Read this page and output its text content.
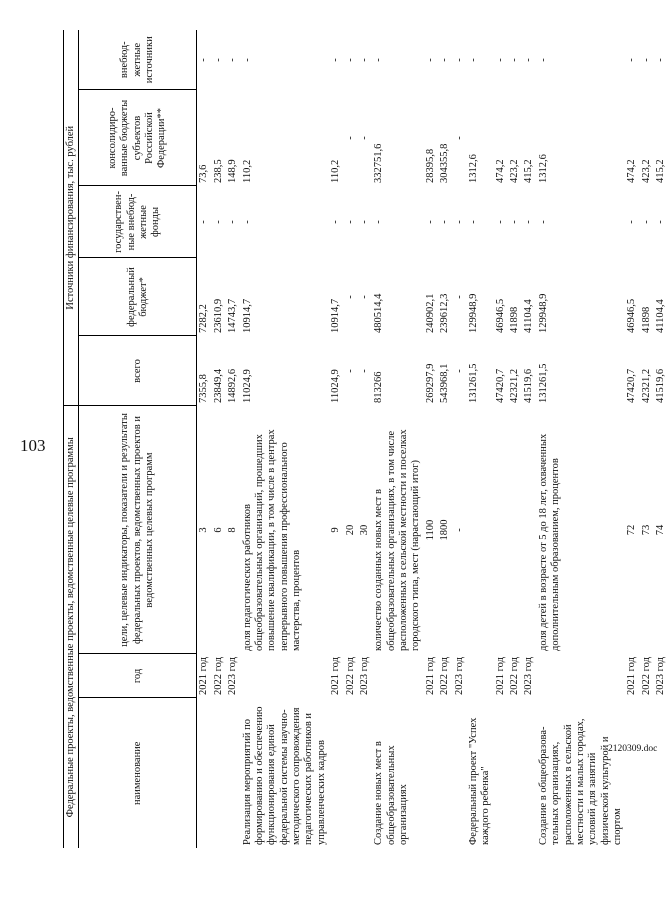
103
2120309.doc
Федеральные проекты, ведомственные проекты, ведомственные целевые программы			Источники финансирования, тыс. рублей				
наименование	год	цели, целевые индикаторы, показатели и результаты федеральных проектов, ведомственных проектов и ведомственных целевых программ	всего	федеральный бюджет*	государствен-ные внебюд-жетные фонды	консолидиро-ванные бюджеты субъектов Российской Федерации**	внебюд-жетные источники
	2021 год	3	7355,8	7282,2	-	73,6	-
	2022 год	6	23849,4	23610,9	-	238,5	-
	2023 год	8	14892,6	14743,7	-	148,9	-
Реализация мероприятий по формированию и обеспечению функционирования единой федеральной системы научно-методического сопровождения педагогических работников и управленческих кадров		доля педагогических работников общеобразовательных организаций, прошедших повышение квалификации, в том числе в центрах непрерывного повышения профессионального мастерства, процентов	11024,9	10914,7	-	110,2	-
	2021 год	9	11024,9	10914,7	-	110,2	-
	2022 год	20	-	-	-	-	-
	2023 год	30	-	-	-	-	-
Создание новых мест в общеобразовательных организациях		количество созданных новых мест в общеобразовательных организациях, в том числе расположенных в сельской местности и поселках городского типа, мест (нарастающий итог)	813266	480514,4	-	332751,6	-
	2021 год	1100	269297,9	240902,1	-	28395,8	-
	2022 год	1800	543968,1	239612,3	-	304355,8	-
	2023 год	-	-	-	-	-	-
Федеральный проект "Успех каждого ребенка"			131261,5	129948,9	-	1312,6	-
	2021 год		47420,7	46946,5	-	474,2	-
	2022 год		42321,2	41898	-	423,2	-
	2023 год		41519,6	41104,4	-	415,2	-
Создание в общеобразова-тельных организациях, расположенных в сельской местности и малых городах, условий для занятий физической культурой и спортом		доля детей в возрасте от 5 до 18 лет, охваченных дополнительным образованием, процентов	131261,5	129948,9	-	1312,6	-
	2021 год	72	47420,7	46946,5	-	474,2	-
	2022 год	73	42321,2	41898	-	423,2	-
	2023 год	74	41519,6	41104,4	-	415,2	-
